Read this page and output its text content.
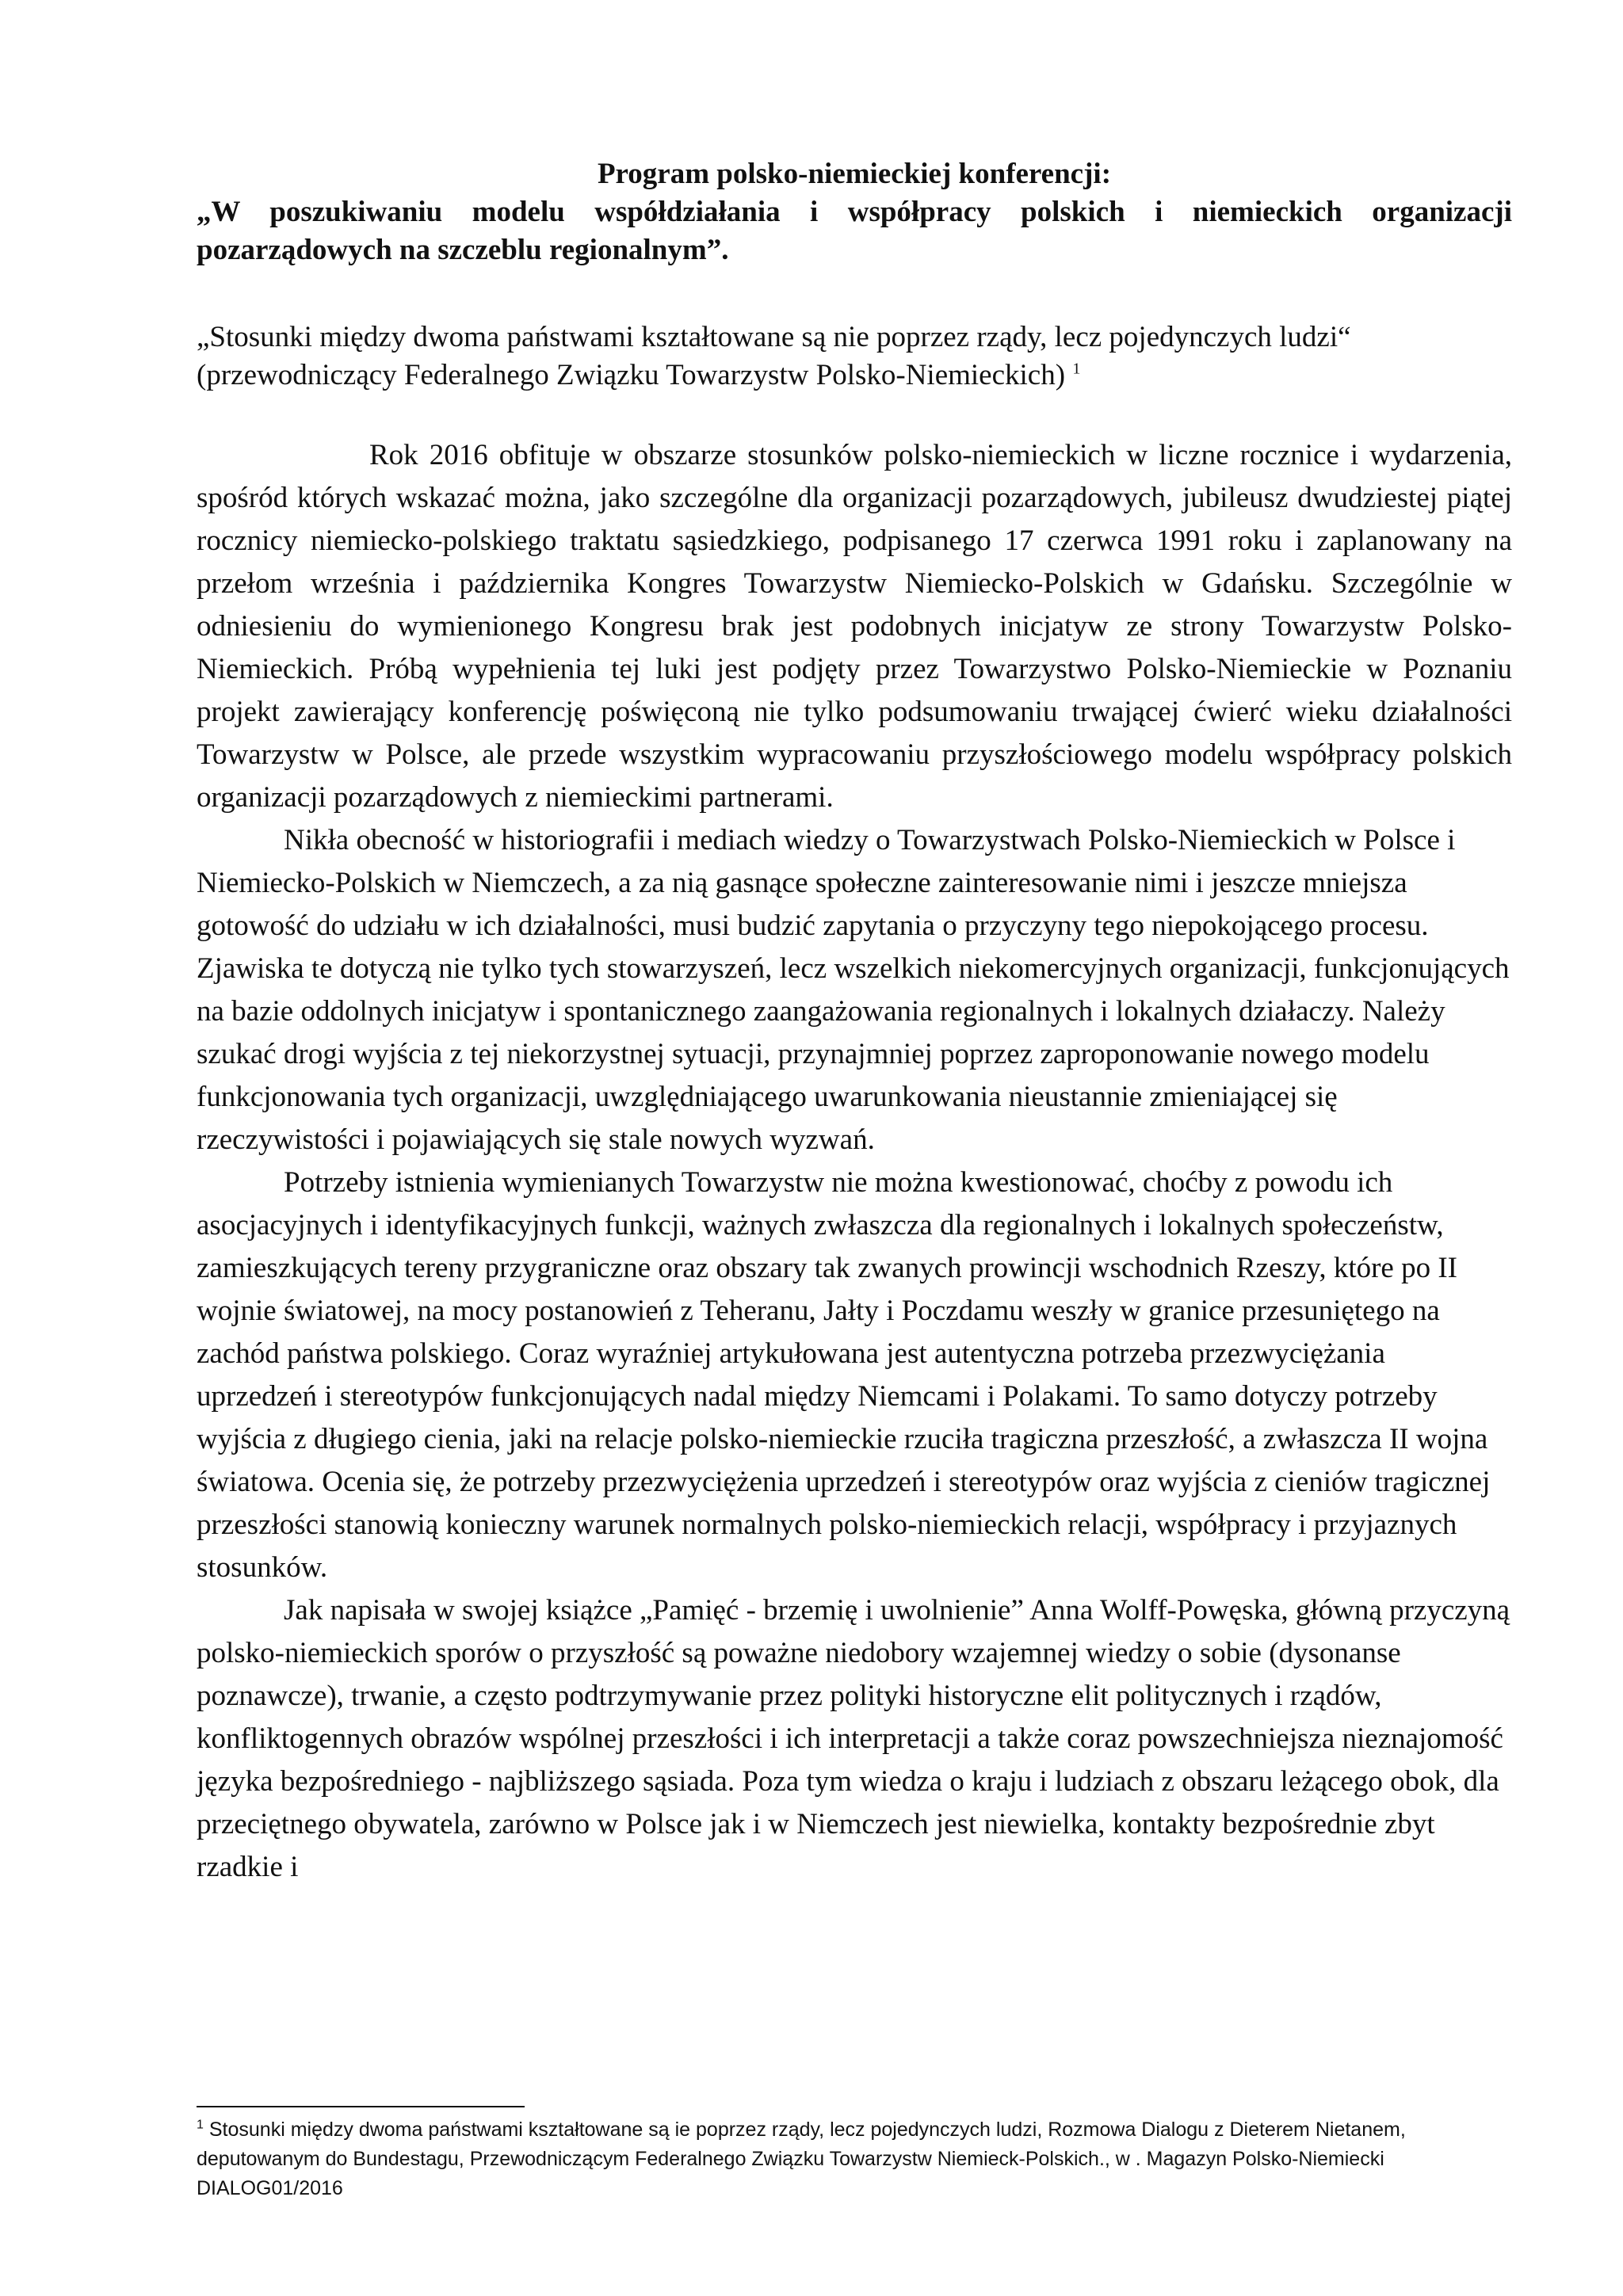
Program polsko-niemieckiej konferencji:

„W poszukiwaniu modelu współdziałania i współpracy polskich i niemieckich organizacji pozarządowych na szczeblu regionalnym”.

„Stosunki między dwoma państwami kształtowane są nie poprzez rządy, lecz pojedynczych ludzi“

(przewodniczący Federalnego Związku Towarzystw Polsko-Niemieckich) $^1$

Rok 2016 obfituje w obszarze stosunków polsko-niemieckich w liczne rocznice i wydarzenia, spośród których wskazać można, jako szczególne dla organizacji pozarządowych, jubileusz dwudziestej piątej rocznicy niemiecko-polskiego traktatu sąsiedzkiego, podpisanego 17 czerwca 1991 roku i zaplanowany na przełom września i października Kongres Towarzystw Niemiecko-Polskich w Gdańsku. Szczególnie w odniesieniu do wymienionego Kongresu brak jest podobnych inicjatyw ze strony Towarzystw Polsko-Niemieckich. Próbą wypełnienia tej luki jest podjęty przez Towarzystwo Polsko-Niemieckie w Poznaniu projekt zawierający konferencję poświęconą nie tylko podsumowaniu trwającej ćwierć wieku działalności Towarzystw w Polsce, ale przede wszystkim wypracowaniu przyszłościowego modelu współpracy polskich organizacji pozarządowych z niemieckimi partnerami.

Nikła obecność w historiografii i mediach wiedzy o Towarzystwach Polsko-Niemieckich w Polsce i Niemiecko-Polskich w Niemczech, a za nią gasnące społeczne zainteresowanie nimi i jeszcze mniejsza gotowość do udziału w ich działalności, musi budzić zapytania o przyczyny tego niepokojącego procesu. Zjawiska te dotyczą nie tylko tych stowarzyszeń, lecz wszelkich niekomercyjnych organizacji, funkcjonujących na bazie oddolnych inicjatyw i spontanicznego zaangażowania regionalnych i lokalnych działaczy. Należy szukać drogi wyjścia z tej niekorzystnej sytuacji, przynajmniej poprzez zaproponowanie nowego modelu funkcjonowania tych organizacji, uwzględniającego uwarunkowania nieustannie zmieniającej się rzeczywistości i pojawiających się stale nowych wyzwań.

Potrzeby istnienia wymienianych Towarzystw nie można kwestionować, choćby z powodu ich asocjacyjnych i identyfikacyjnych funkcji, ważnych zwłaszcza dla regionalnych i lokalnych społeczeństw, zamieszkujących tereny przygraniczne oraz obszary tak zwanych prowincji wschodnich Rzeszy, które po II wojnie światowej, na mocy postanowień z Teheranu, Jałty i Poczdamu weszły w granice przesuniętego na zachód państwa polskiego. Coraz wyraźniej artykułowana jest autentyczna potrzeba przezwyciężania uprzedzeń i stereotypów funkcjonujących nadal między Niemcami i Polakami. To samo dotyczy potrzeby wyjścia z długiego cienia, jaki na relacje polsko-niemieckie rzuciła tragiczna przeszłość, a zwłaszcza II wojna światowa. Ocenia się, że potrzeby przezwyciężenia uprzedzeń i stereotypów oraz wyjścia z cieniów tragicznej przeszłości stanowią konieczny warunek normalnych polsko-niemieckich relacji, współpracy i przyjaznych stosunków.

Jak napisała w swojej książce „Pamięć - brzemię i uwolnienie” Anna Wolff-Powęska, główną przyczyną polsko-niemieckich sporów o przyszłość są poważne niedobory wzajemnej wiedzy o sobie (dysonanse poznawcze), trwanie, a często podtrzymywanie przez polityki historyczne elit politycznych i rządów, konfliktogennych obrazów wspólnej przeszłości i ich interpretacji a także coraz powszechniejsza nieznajomość języka bezpośredniego - najbliższego sąsiada. Poza tym wiedza o kraju i ludziach z obszaru leżącego obok, dla przeciętnego obywatela, zarówno w Polsce jak i w Niemczech jest niewielka, kontakty bezpośrednie zbyt rzadkie i

$^1$ Stosunki między dwoma państwami kształtowane są ie poprzez rządy, lecz pojedynczych ludzi, Rozmowa Dialogu z Dieterem Nietanem, deputowanym do Bundestagu, Przewodniczącym Federalnego Związku Towarzystw Niemieck-Polskich., w . Magazyn Polsko-Niemiecki DIALOG01/2016
